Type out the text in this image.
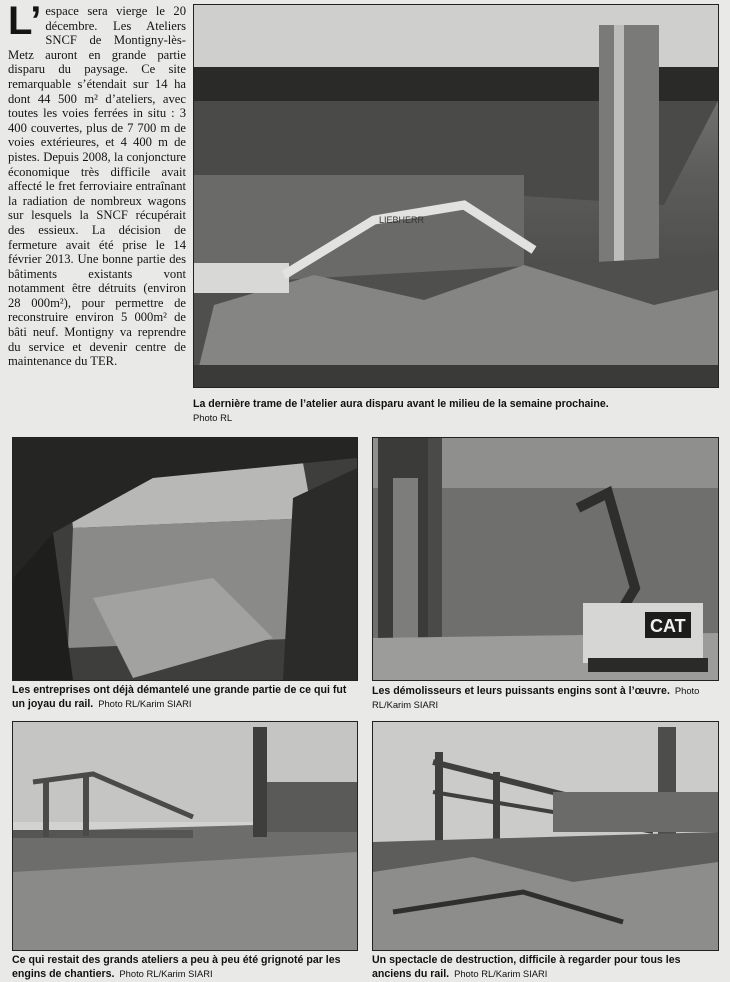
L’ espace sera vierge le 20 décembre. Les Ateliers SNCF de Montigny-lès-Metz auront en grande partie disparu du paysage. Ce site remarquable s’étendait sur 14 ha dont 44 500 m² d’ateliers, avec toutes les voies ferrées in situ : 3 400 couvertes, plus de 7 700 m de voies extérieures, et 4 400 m de pistes. Depuis 2008, la conjoncture économique très difficile avait affecté le fret ferroviaire entraînant la radiation de nombreux wagons sur lesquels la SNCF récupérait des essieux. La décision de fermeture avait été prise le 14 février 2013. Une bonne partie des bâtiments existants vont notamment être détruits (environ 28 000m²), pour permettre de reconstruire environ 5 000m² de bâti neuf. Montigny va reprendre du service et devenir centre de maintenance du TER.
LIEBHERR
La dernière trame de l’atelier aura disparu avant le milieu de la semaine prochaine.
Photo RL
Les entreprises ont déjà démantelé une grande partie de ce qui fut un joyau du rail. Photo RL/Karim SIARI
CAT
Les démolisseurs et leurs puissants engins sont à l’œuvre. Photo RL/Karim SIARI
Ce qui restait des grands ateliers a peu à peu été grignoté par les engins de chantiers. Photo RL/Karim SIARI
Un spectacle de destruction, difficile à regarder pour tous les anciens du rail. Photo RL/Karim SIARI
